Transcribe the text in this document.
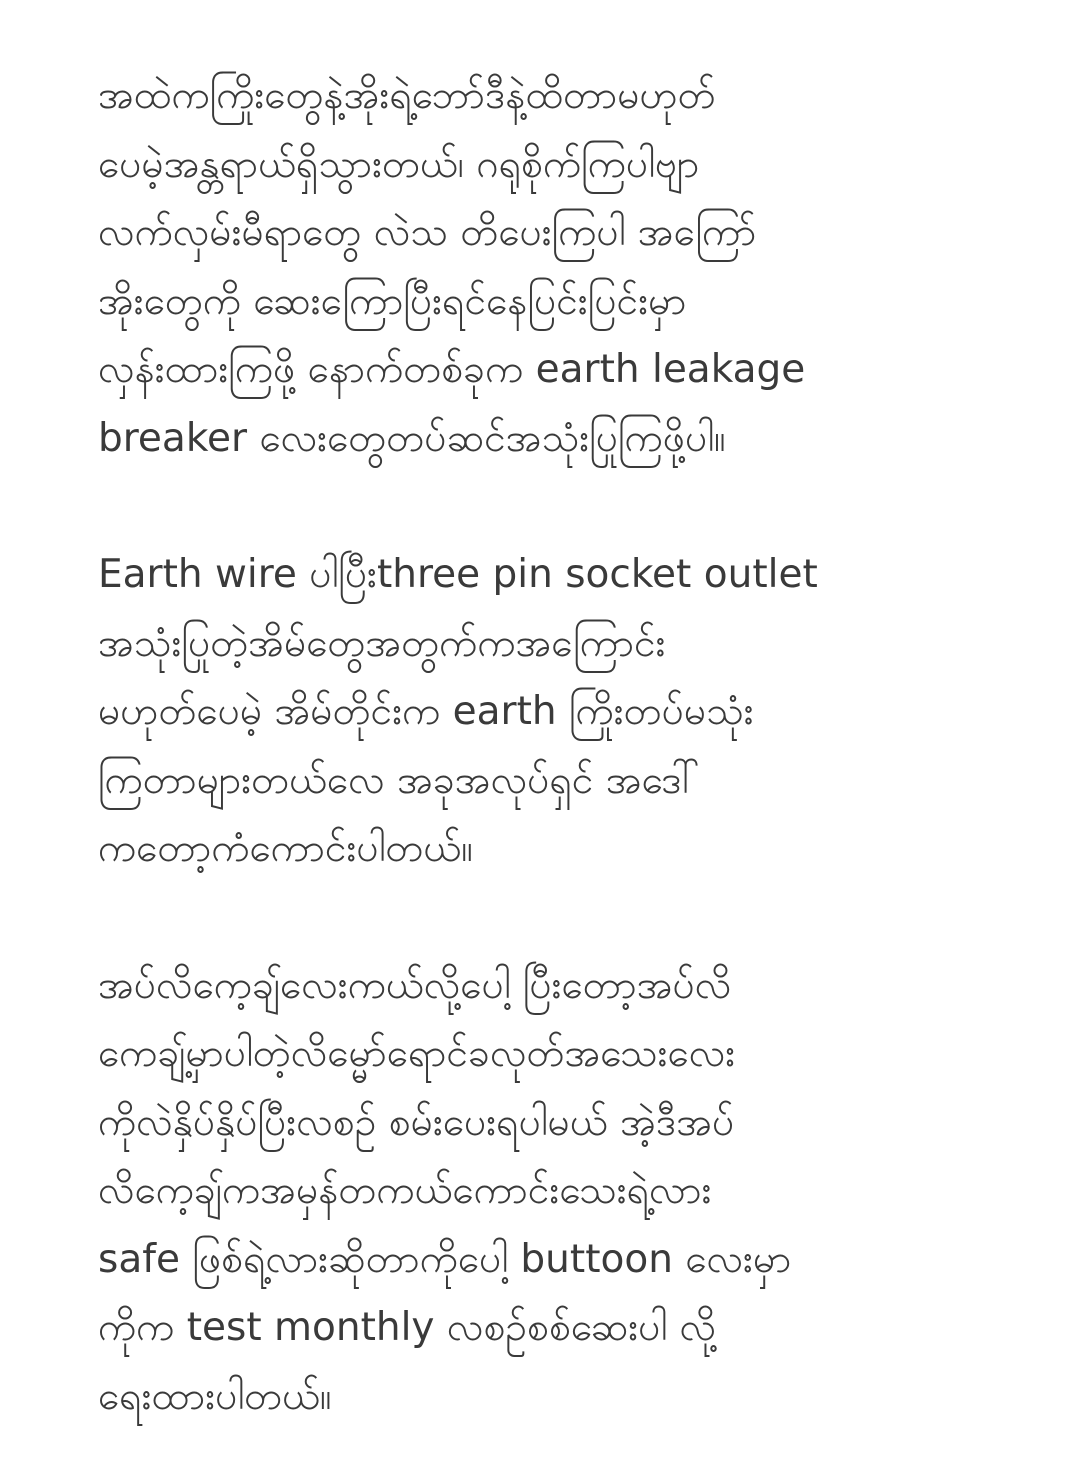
အထဲကကြိုးတွေနဲ့အိုးရဲ့ဘော်ဒီနဲ့ထိတာမဟုတ်
ပေမဲ့အန္တရာယ်ရှိသွားတယ်၊ ဂရုစိုက်ကြပါဗျာ
လက်လှမ်းမီရာတွေ လဲသ တိပေးကြပါ အကြော်
အိုးတွေကို ဆေးကြောပြီးရင်နေပြင်းပြင်းမှာ
လှန်းထားကြဖို့ နောက်တစ်ခုက earth leakage
breaker လေးတွေတပ်ဆင်အသုံးပြုကြဖို့ပါ။

Earth wire ပါပြီးthree pin socket outlet
အသုံးပြုတဲ့အိမ်တွေအတွက်ကအကြောင်း
မဟုတ်ပေမဲ့ အိမ်တိုင်းက earth ကြိုးတပ်မသုံး
ကြတာများတယ်လေ အခုအလုပ်ရှင် အဒေါ်
ကတော့ကံကောင်းပါတယ်။

အပ်လိကေ့ချ်လေးကယ်လို့ပေါ့ ပြီးတော့အပ်လိ
ကေချ့်မှာပါတဲ့လိမ္မော်ရောင်ခလုတ်အသေးလေး
ကိုလဲနှိပ်နှိပ်ပြီးလစဉ် စမ်းပေးရပါမယ် အဲ့ဒီအပ်
လိကေ့ချ်ကအမှန်တကယ်ကောင်းသေးရဲ့လား
safe ဖြစ်ရဲ့လားဆိုတာကိုပေါ့ buttoon လေးမှာ
ကိုက test monthly လစဉ်စစ်ဆေးပါ လို့
ရေးထားပါတယ်။
